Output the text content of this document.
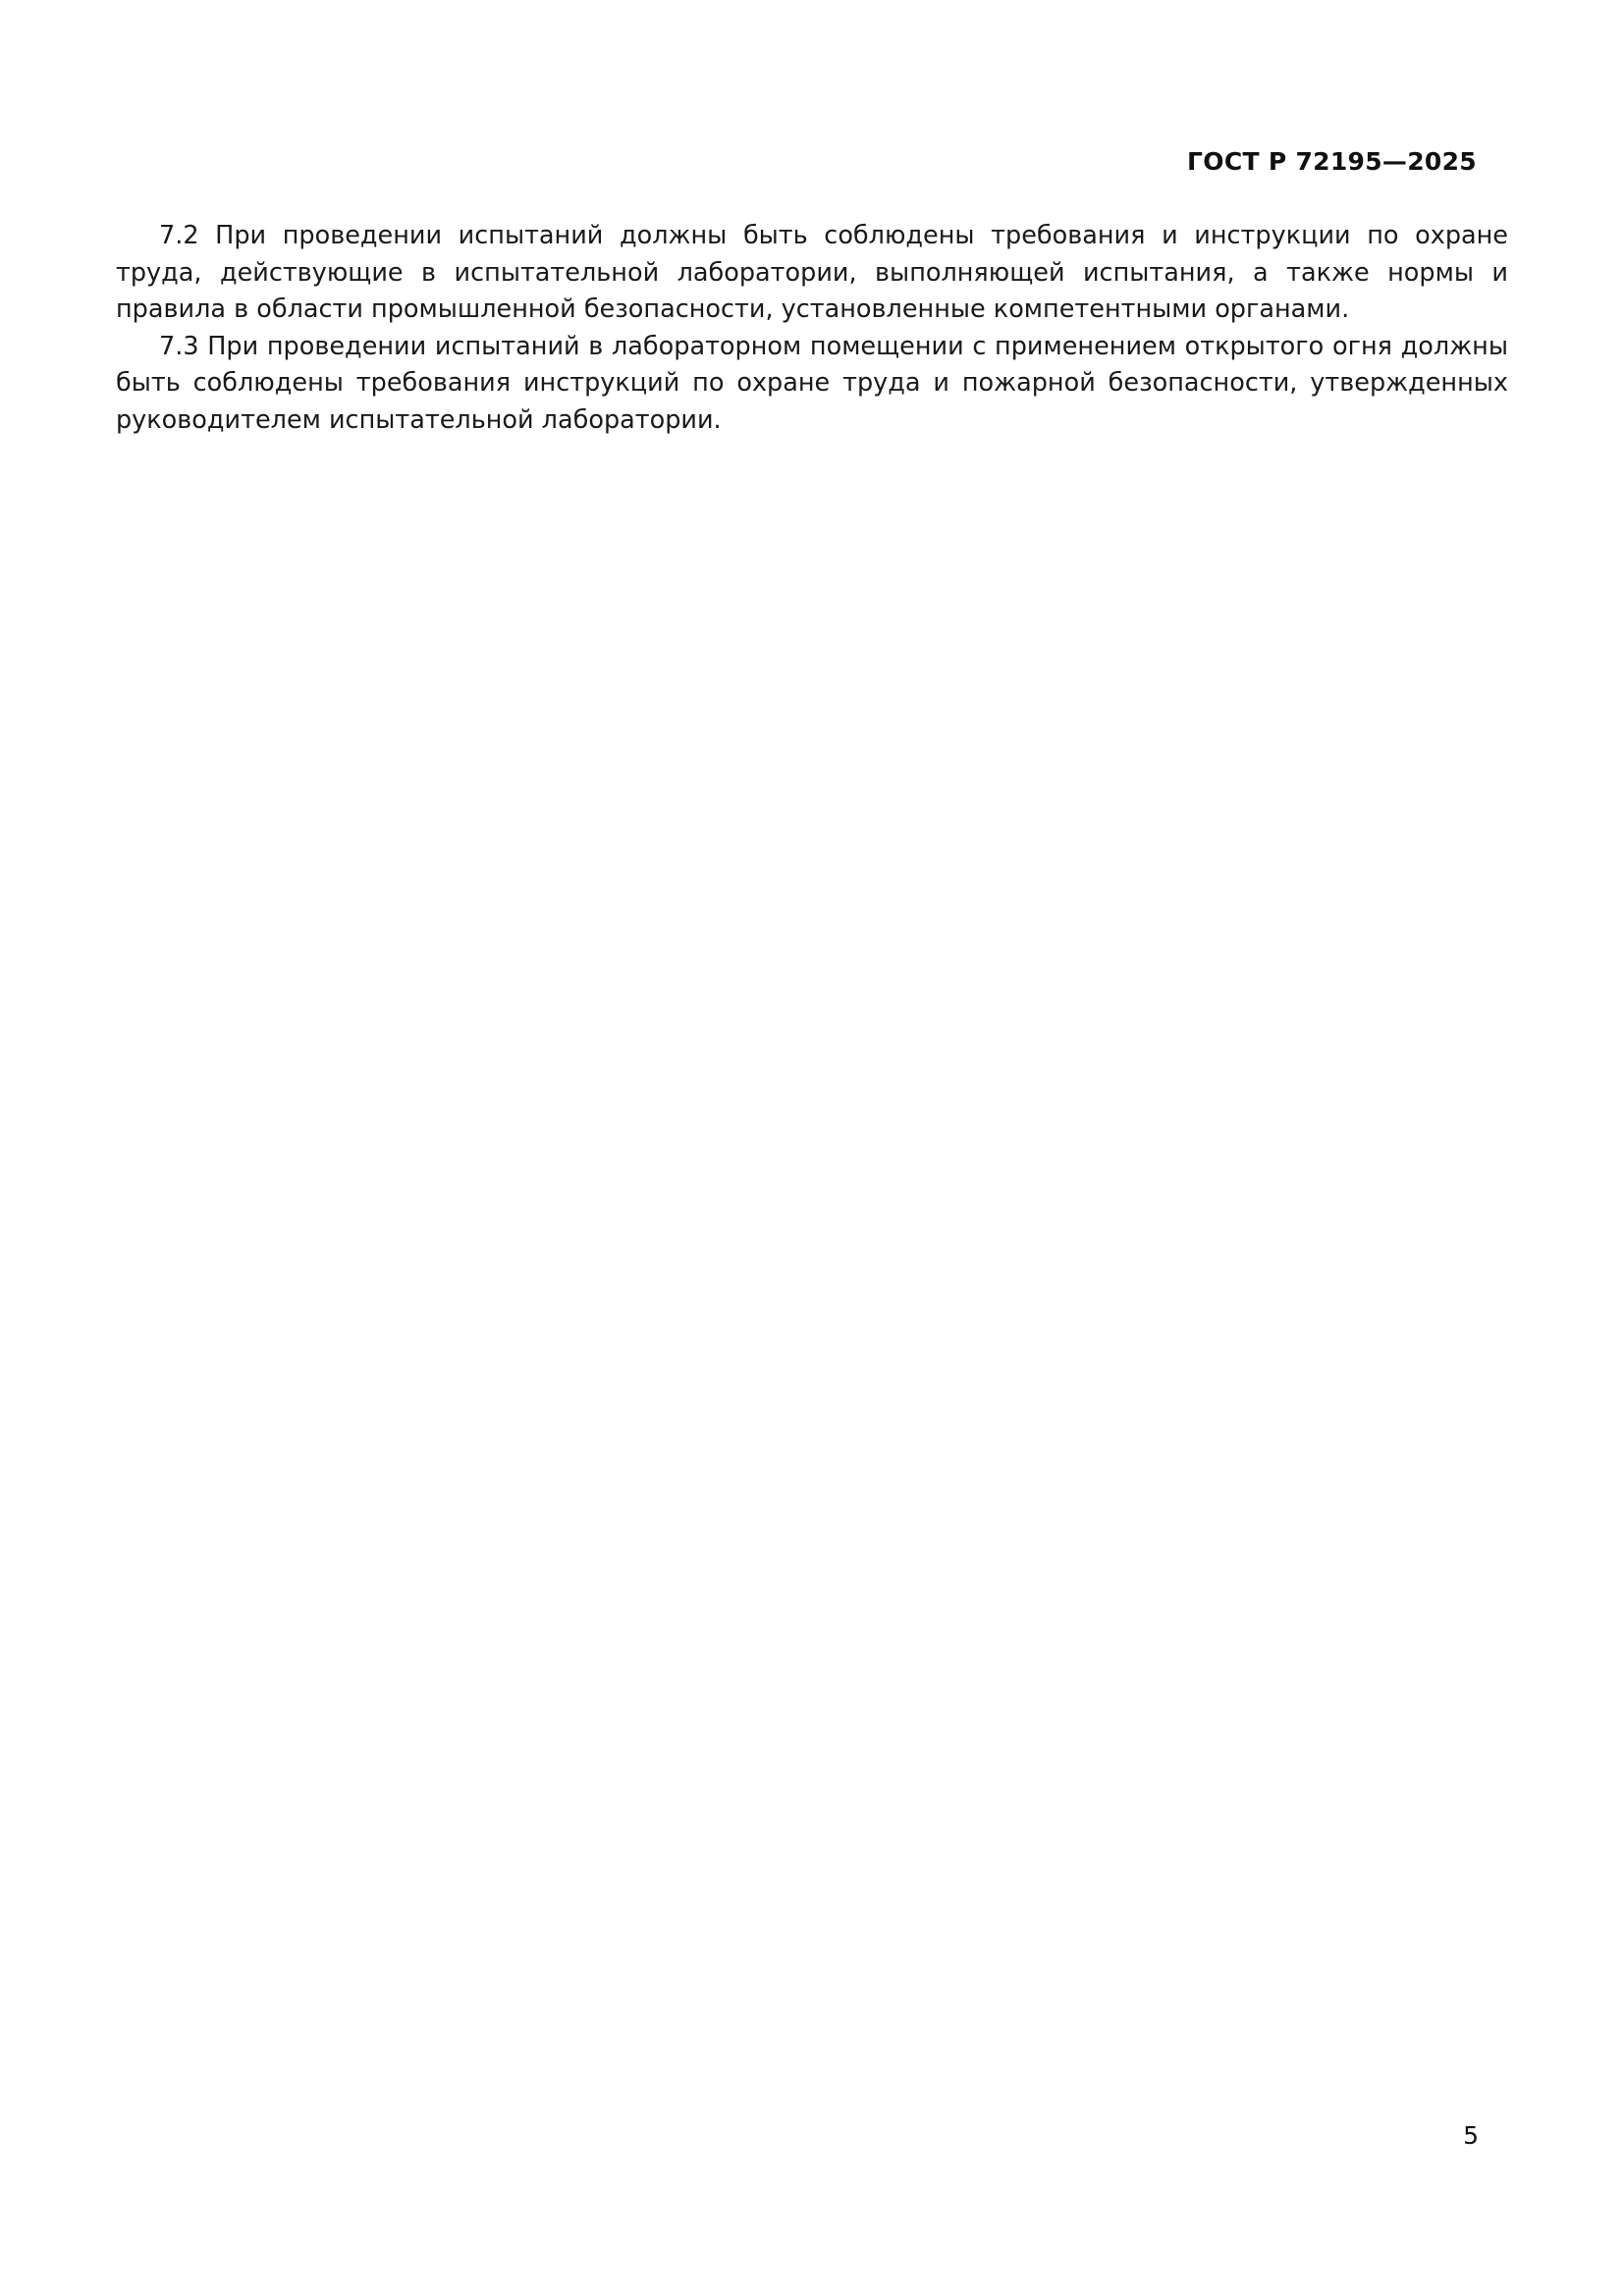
ГОСТ Р 72195—2025

7.2 При проведении испытаний должны быть соблюдены требования и инструкции по охране труда, действующие в испытательной лаборатории, выполняющей испытания, а также нормы и правила в области промышленной безопасности, установленные компетентными органами.

7.3 При проведении испытаний в лабораторном помещении с применением открытого огня должны быть соблюдены требования инструкций по охране труда и пожарной безопасности, утвержденных руководителем испытательной лаборатории.

5
